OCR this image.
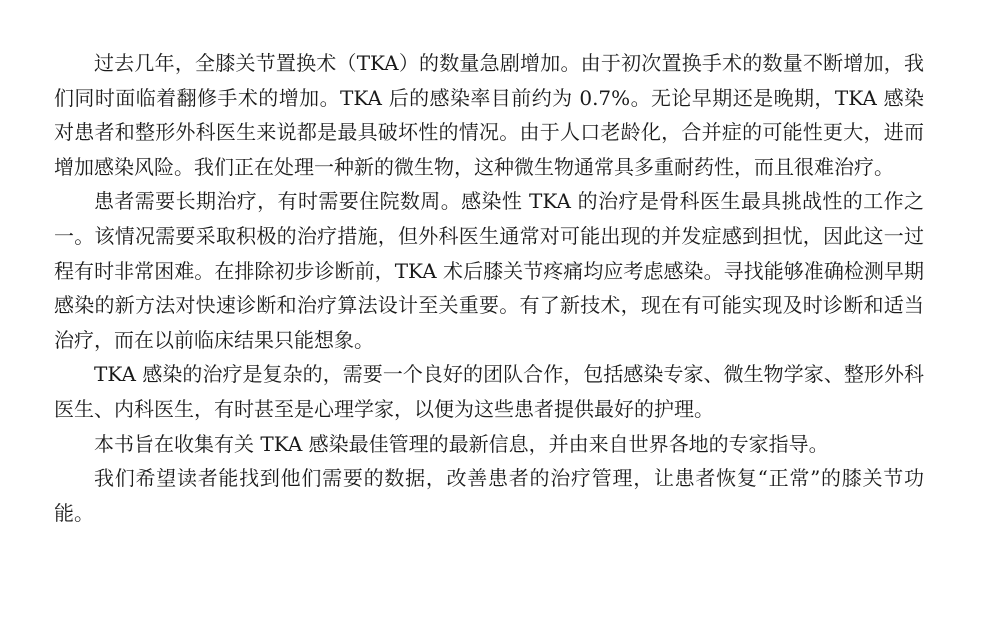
过去几年，全膝关节置换术（TKA）的数量急剧增加。由于初次置换手术的数量不断增加，我们同时面临着翻修手术的增加。TKA 后的感染率目前约为 0.7%。无论早期还是晚期，TKA 感染对患者和整形外科医生来说都是最具破坏性的情况。由于人口老龄化，合并症的可能性更大，进而增加感染风险。我们正在处理一种新的微生物，这种微生物通常具多重耐药性，而且很难治疗。

患者需要长期治疗，有时需要住院数周。感染性 TKA 的治疗是骨科医生最具挑战性的工作之一。该情况需要采取积极的治疗措施，但外科医生通常对可能出现的并发症感到担忧，因此这一过程有时非常困难。在排除初步诊断前，TKA 术后膝关节疼痛均应考虑感染。寻找能够准确检测早期感染的新方法对快速诊断和治疗算法设计至关重要。有了新技术，现在有可能实现及时诊断和适当治疗，而在以前临床结果只能想象。

TKA 感染的治疗是复杂的，需要一个良好的团队合作，包括感染专家、微生物学家、整形外科医生、内科医生，有时甚至是心理学家，以便为这些患者提供最好的护理。

本书旨在收集有关 TKA 感染最佳管理的最新信息，并由来自世界各地的专家指导。

我们希望读者能找到他们需要的数据，改善患者的治疗管理，让患者恢复“正常”的膝关节功能。
